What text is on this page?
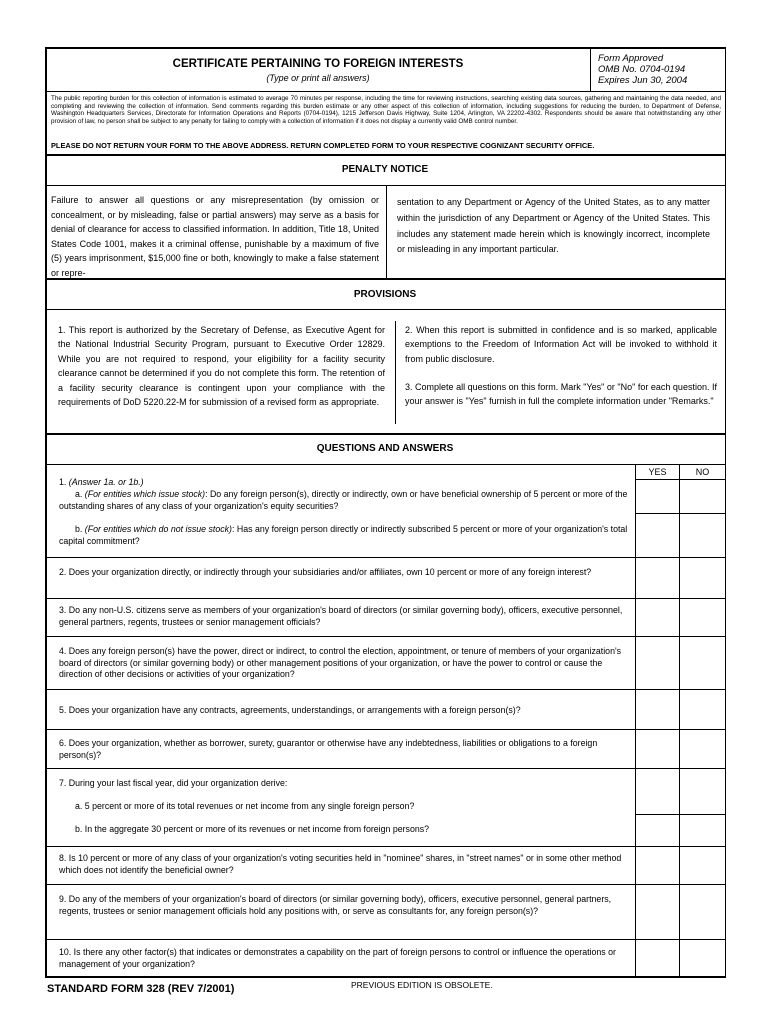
CERTIFICATE PERTAINING TO FOREIGN INTERESTS
(Type or print all answers)
Form Approved
OMB No. 0704-0194
Expires Jun 30, 2004
The public reporting burden for this collection of information is estimated to average 70 minutes per response, including the time for reviewing instructions, searching existing data sources, gathering and maintaining the data needed, and completing and reviewing the collection of information. Send comments regarding this burden estimate or any other aspect of this collection of information, including suggestions for reducing the burden, to Department of Defense, Washington Headquarters Services, Directorate for Information Operations and Reports (0704-0194), 1215 Jefferson Davis Highway, Suite 1204, Arlington, VA 22202-4302. Respondents should be aware that notwithstanding any other provision of law, no person shall be subject to any penalty for failing to comply with a collection of information if it does not display a currently valid OMB control number.
PLEASE DO NOT RETURN YOUR FORM TO THE ABOVE ADDRESS. RETURN COMPLETED FORM TO YOUR RESPECTIVE COGNIZANT SECURITY OFFICE.
PENALTY NOTICE
Failure to answer all questions or any misrepresentation (by omission or concealment, or by misleading, false or partial answers) may serve as a basis for denial of clearance for access to classified information. In addition, Title 18, United States Code 1001, makes it a criminal offense, punishable by a maximum of five (5) years imprisonment, $15,000 fine or both, knowingly to make a false statement or repre-
sentation to any Department or Agency of the United States, as to any matter within the jurisdiction of any Department or Agency of the United States. This includes any statement made herein which is knowingly incorrect, incomplete or misleading in any important particular.
PROVISIONS
1. This report is authorized by the Secretary of Defense, as Executive Agent for the National Industrial Security Program, pursuant to Executive Order 12829. While you are not required to respond, your eligibility for a facility security clearance cannot be determined if you do not complete this form. The retention of a facility security clearance is contingent upon your compliance with the requirements of DoD 5220.22-M for submission of a revised form as appropriate.
2. When this report is submitted in confidence and is so marked, applicable exemptions to the Freedom of Information Act will be invoked to withhold it from public disclosure.
3. Complete all questions on this form. Mark "Yes" or "No" for each question. If your answer is "Yes" furnish in full the complete information under "Remarks."
QUESTIONS AND ANSWERS
YES	NO
1. (Answer 1a. or 1b.)
a. (For entities which issue stock): Do any foreign person(s), directly or indirectly, own or have beneficial ownership of 5 percent or more of the outstanding shares of any class of your organization's equity securities?
b. (For entities which do not issue stock): Has any foreign person directly or indirectly subscribed 5 percent or more of your organization's total capital commitment?
2. Does your organization directly, or indirectly through your subsidiaries and/or affiliates, own 10 percent or more of any foreign interest?
3. Do any non-U.S. citizens serve as members of your organization's board of directors (or similar governing body), officers, executive personnel, general partners, regents, trustees or senior management officials?
4. Does any foreign person(s) have the power, direct or indirect, to control the election, appointment, or tenure of members of your organization's board of directors (or similar governing body) or other management positions of your organization, or have the power to control or cause the direction of other decisions or activities of your organization?
5. Does your organization have any contracts, agreements, understandings, or arrangements with a foreign person(s)?
6. Does your organization, whether as borrower, surety, guarantor or otherwise have any indebtedness, liabilities or obligations to a foreign person(s)?
7. During your last fiscal year, did your organization derive:
a. 5 percent or more of its total revenues or net income from any single foreign person?
b. In the aggregate 30 percent or more of its revenues or net income from foreign persons?
8. Is 10 percent or more of any class of your organization's voting securities held in "nominee" shares, in "street names" or in some other method which does not identify the beneficial owner?
9. Do any of the members of your organization's board of directors (or similar governing body), officers, executive personnel, general partners, regents, trustees or senior management officials hold any positions with, or serve as consultants for, any foreign person(s)?
10. Is there any other factor(s) that indicates or demonstrates a capability on the part of foreign persons to control or influence the operations or management of your organization?
STANDARD FORM 328 (REV 7/2001)	PREVIOUS EDITION IS OBSOLETE.
